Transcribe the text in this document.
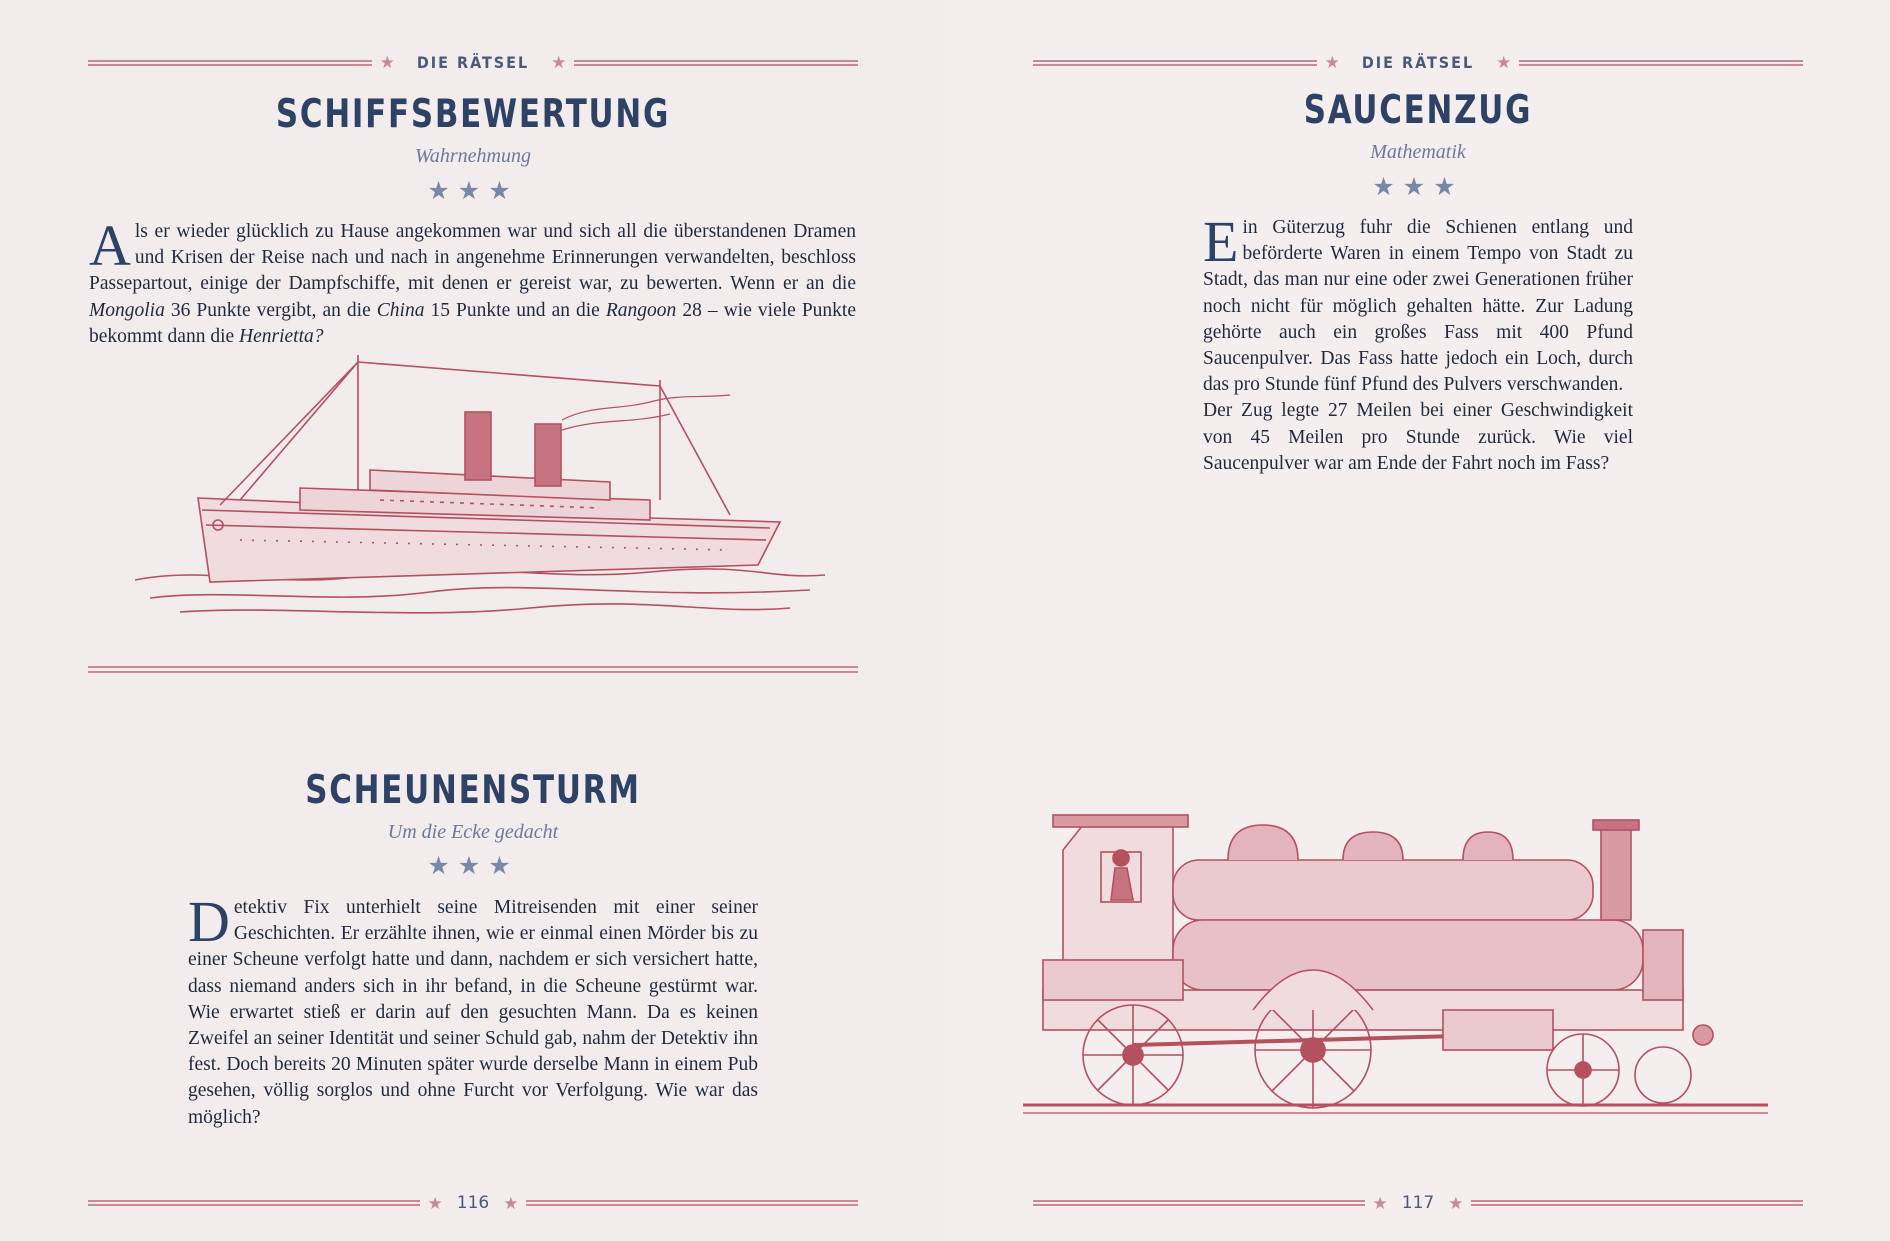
★ DIE RÄTSEL ★
SCHIFFSBEWERTUNG
Wahrnehmung
★★★
Als er wieder glücklich zu Hause angekommen war und sich all die überstandenen Dramen und Krisen der Reise nach und nach in angenehme Erinnerungen verwandelten, beschloss Passepartout, einige der Dampfschiffe, mit denen er gereist war, zu bewerten. Wenn er an die Mongolia 36 Punkte vergibt, an die China 15 Punkte und an die Rangoon 28 – wie viele Punkte bekommt dann die Henrietta?
SCHEUNENSTURM
Um die Ecke gedacht
★★★
Detektiv Fix unterhielt seine Mitreisenden mit einer seiner Geschichten. Er erzählte ihnen, wie er einmal einen Mörder bis zu einer Scheune verfolgt hatte und dann, nachdem er sich versichert hatte, dass niemand anders sich in ihr befand, in die Scheune gestürmt war. Wie erwartet stieß er darin auf den gesuchten Mann. Da es keinen Zweifel an seiner Identität und seiner Schuld gab, nahm der Detektiv ihn fest. Doch bereits 20 Minuten später wurde derselbe Mann in einem Pub gesehen, völlig sorglos und ohne Furcht vor Verfolgung. Wie war das möglich?
★ 116 ★
★ DIE RÄTSEL ★
SAUCENZUG
Mathematik
★★★
Ein Güterzug fuhr die Schienen entlang und beförderte Waren in einem Tempo von Stadt zu Stadt, das man nur eine oder zwei Generationen früher noch nicht für möglich gehalten hätte. Zur Ladung gehörte auch ein großes Fass mit 400 Pfund Saucenpulver. Das Fass hatte jedoch ein Loch, durch das pro Stunde fünf Pfund des Pulvers verschwanden.
Der Zug legte 27 Meilen bei einer Geschwindigkeit von 45 Meilen pro Stunde zurück. Wie viel Saucenpulver war am Ende der Fahrt noch im Fass?
★ 117 ★
